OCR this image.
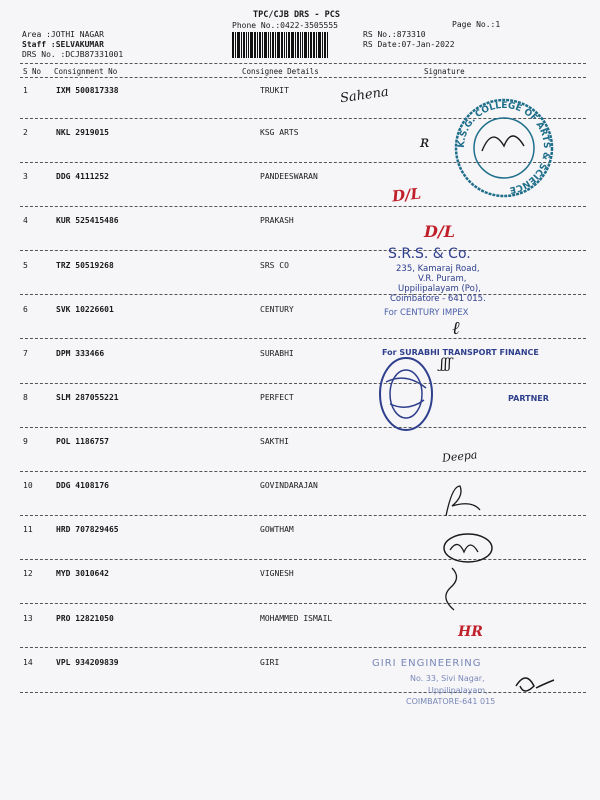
TPC/CJB DRS - PCS
Phone No.:0422-3505555	Page No.:1
Area :JOTHI NAGAR
Staff :SELVAKUMAR
DRS No. :DCJB87331001
RS No.:873310
RS Date:07-Jan-2022
S No Consignment No	Consignee Details	Signature
1	IXM 500817338	TRUKIT
2	NKL 2919015	KSG ARTS
3	DDG 4111252	PANDEESWARAN
4	KUR 525415486	PRAKASH
5	TRZ 50519268	SRS CO
6	SVK 10226601	CENTURY
7	DPM 333466	SURABHI
8	SLM 287055221	PERFECT
9	POL 1186757	SAKTHI
10	DDG 4108176	GOVINDARAJAN
11	HRD 707829465	GOWTHAM
12	MYD 3010642	VIGNESH
13	PRO 12821050	MOHAMMED ISMAIL
14	VPL 934209839	GIRI
Sahena
ʀ	K.S.G. COLLEGE OF ARTS & SCIENCE
D/L
D/L
S.R.S. & Co.
235, Kamaraj Road,
V.R. Puram,
Uppilipalayam (Po),
Coimbatore - 641 015.
For CENTURY IMPEX
ℓ
For SURABHI TRANSPORT FINANCE
ʃʃʃ
PARTNER
Deepa
HR
GIRI ENGINEERING
No. 33, Sivi Nagar,
Uppilipalayam,
COIMBATORE-641 015
